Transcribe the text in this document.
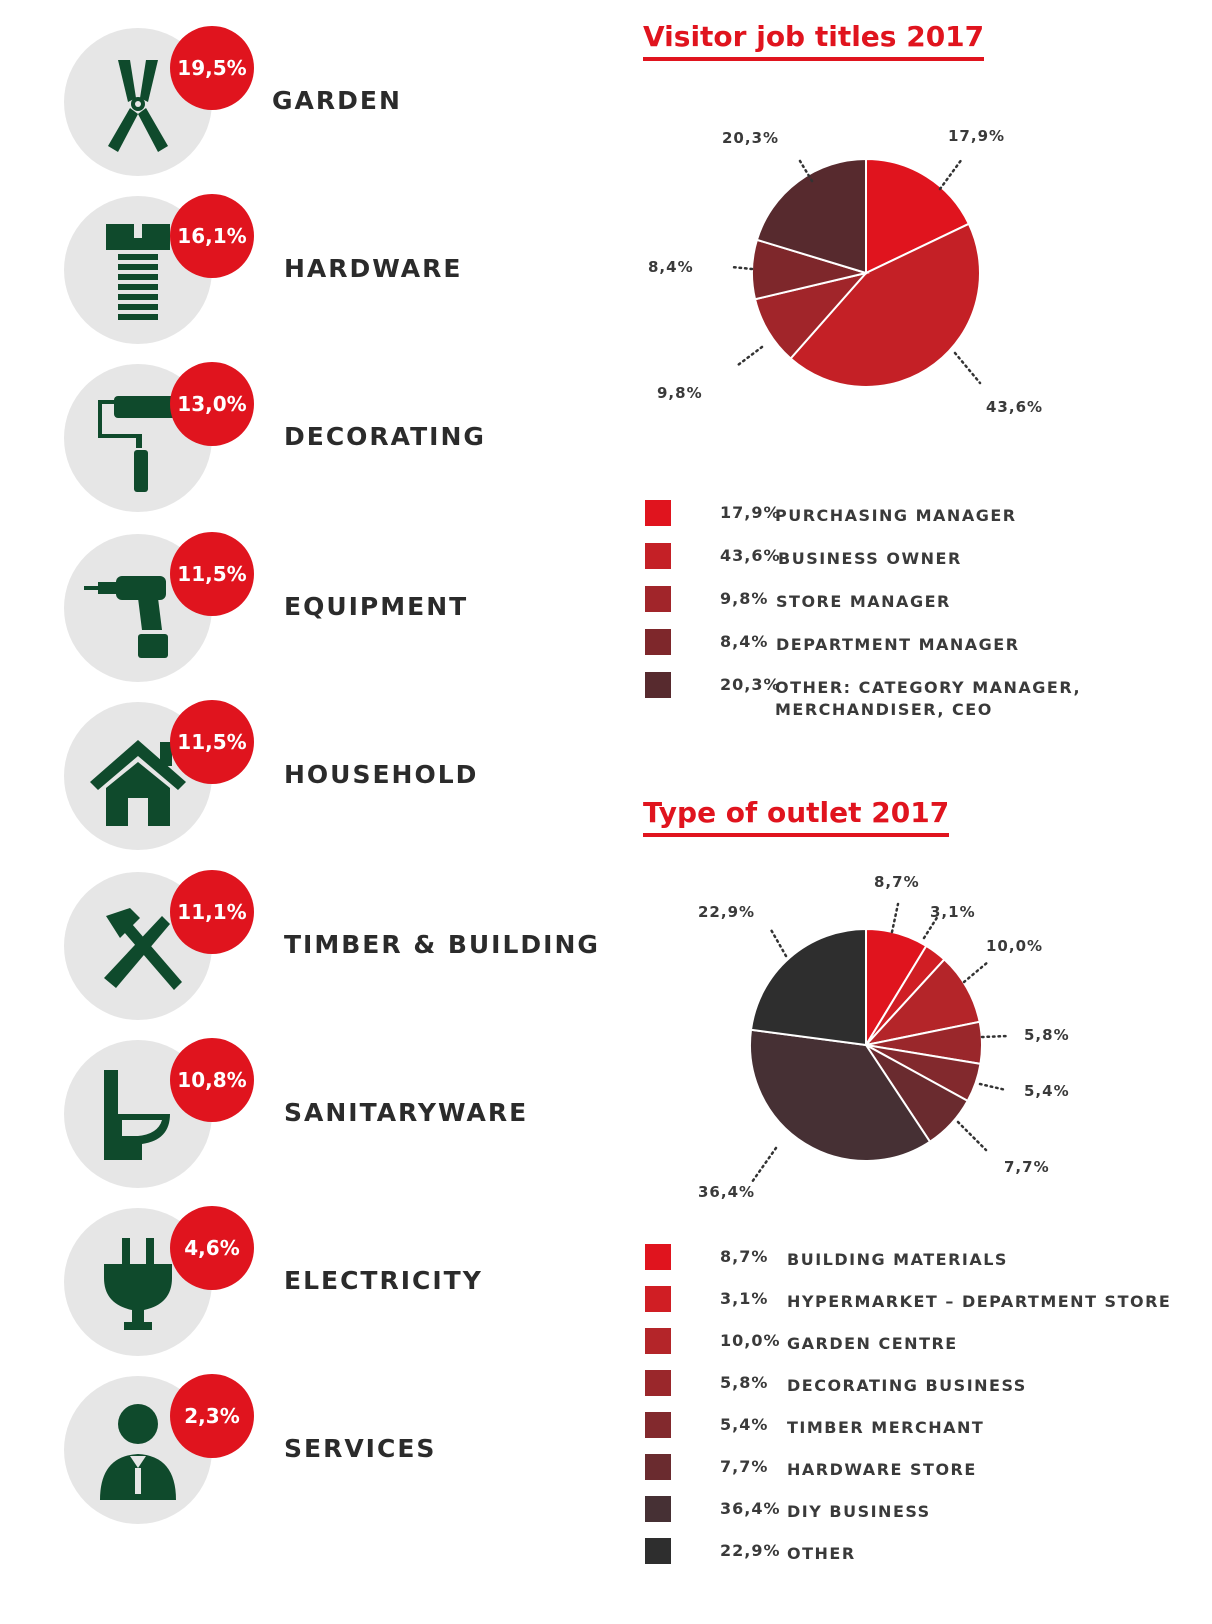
19,5%
GARDEN
16,1%
HARDWARE
13,0%
DECORATING
11,5%
EQUIPMENT
11,5%
HOUSEHOLD
11,1%
TIMBER & BUILDING
10,8%
SANITARYWARE
4,6%
ELECTRICITY
2,3%
SERVICES
Visitor job titles 2017
17,9%
43,6%
9,8%
8,4%
20,3%
17,9%
PURCHASING MANAGER
43,6%
BUSINESS OWNER
9,8% STORE MANAGER
8,4% DEPARTMENT MANAGER
20,3%
OTHER: CATEGORY MANAGER,
MERCHANDISER, CEO
Type of outlet 2017
8,7%
3,1%
10,0%
5,8%
5,4%
7,7%
36,4%
22,9%
8,7% BUILDING MATERIALS
3,1% HYPERMARKET – DEPARTMENT STORE
10,0% GARDEN CENTRE
5,8% DECORATING BUSINESS
5,4% TIMBER MERCHANT
7,7% HARDWARE STORE
36,4% DIY BUSINESS
22,9% OTHER
